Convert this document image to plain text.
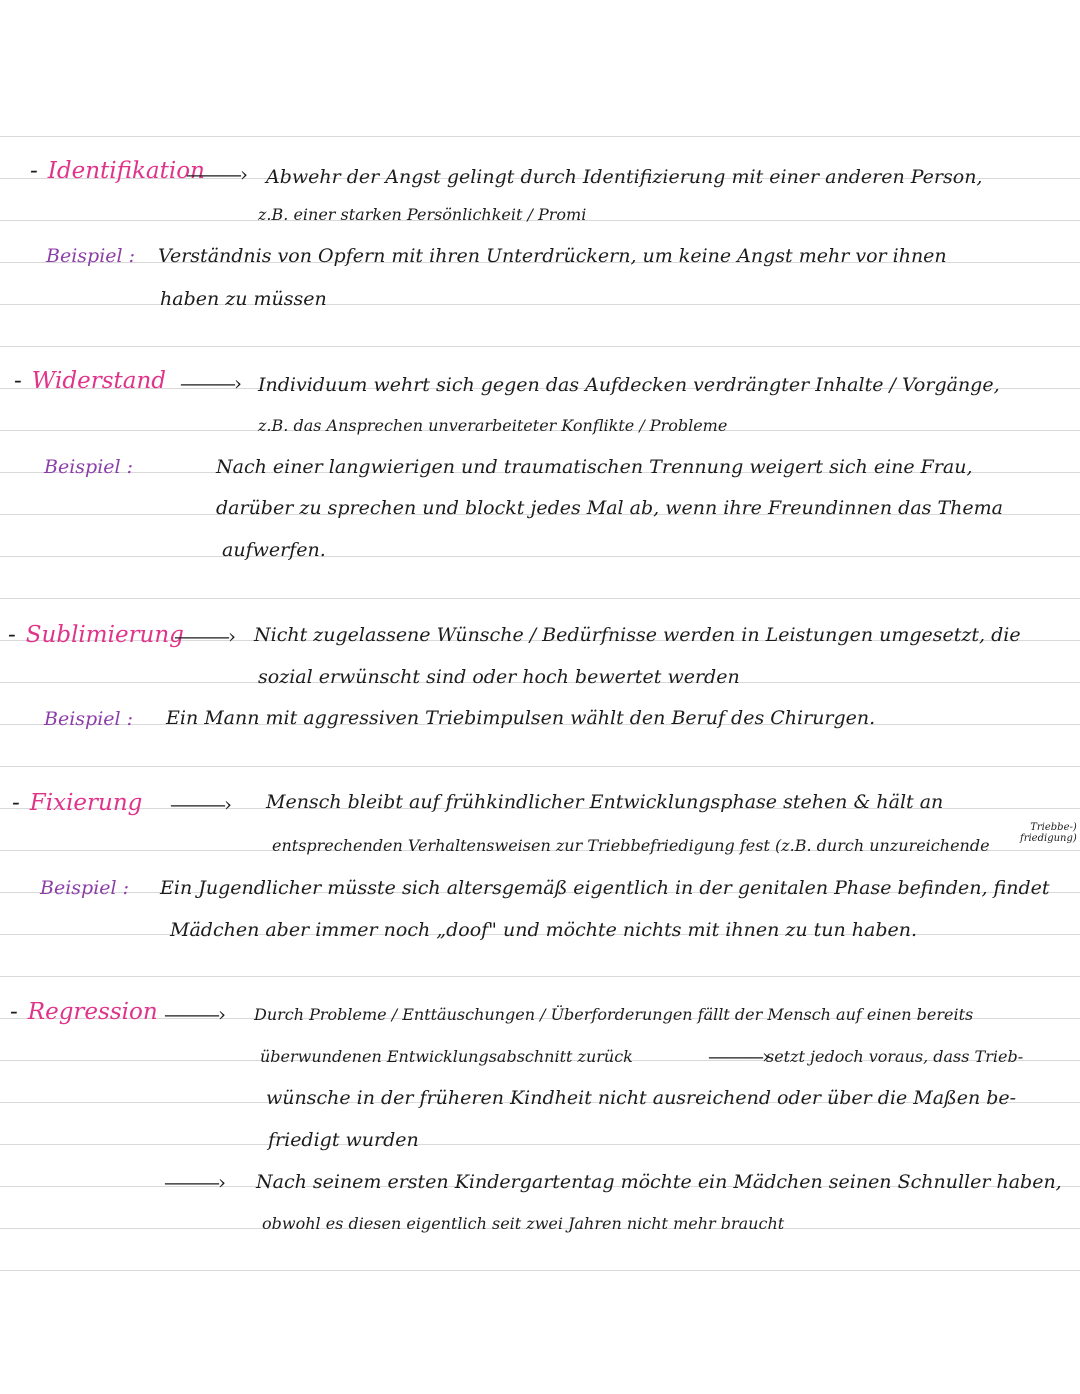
- Identifikation
———› Abwehr der Angst gelingt durch Identifizierung mit einer anderen Person,
z.B. einer starken Persönlichkeit / Promi
Beispiel : Verständnis von Opfern mit ihren Unterdrückern, um keine Angst mehr vor ihnen
haben zu müssen
- Widerstand ———› Individuum wehrt sich gegen das Aufdecken verdrängter Inhalte / Vorgänge,
z.B. das Ansprechen unverarbeiteter Konflikte / Probleme
Beispiel :	Nach einer langwierigen und traumatischen Trennung weigert sich eine Frau,
darüber zu sprechen und blockt jedes Mal ab, wenn ihre Freundinnen das Thema
aufwerfen.
- Sublimierung
———› Nicht zugelassene Wünsche / Bedürfnisse werden in Leistungen umgesetzt, die
sozial erwünscht sind oder hoch bewertet werden
Beispiel : Ein Mann mit aggressiven Triebimpulsen wählt den Beruf des Chirurgen.
- Fixierung ———› Mensch bleibt auf frühkindlicher Entwicklungsphase stehen & hält an
entsprechenden Verhaltensweisen zur Triebbefriedigung fest (z.B. durch unzureichende
Triebbe-)
friedigung)
Beispiel : Ein Jugendlicher müsste sich altersgemäß eigentlich in der genitalen Phase befinden, findet
Mädchen aber immer noch „doof" und möchte nichts mit ihnen zu tun haben.
- Regression ———› Durch Probleme / Enttäuschungen / Überforderungen fällt der Mensch auf einen bereits
überwundenen Entwicklungsabschnitt zurück	———›
setzt jedoch voraus, dass Trieb-
wünsche in der früheren Kindheit nicht ausreichend oder über die Maßen be-
friedigt wurden
———› Nach seinem ersten Kindergartentag möchte ein Mädchen seinen Schnuller haben,
obwohl es diesen eigentlich seit zwei Jahren nicht mehr braucht
